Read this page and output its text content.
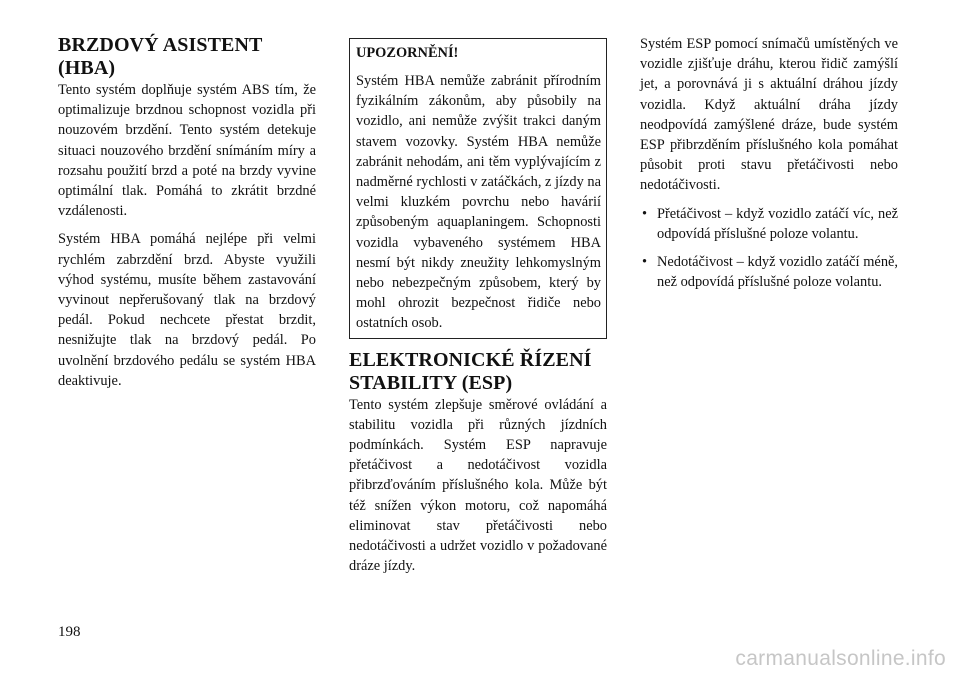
BRZDOVÝ ASISTENT (HBA)

Tento systém doplňuje systém ABS tím, že optimalizuje brzdnou schopnost vozidla při nouzovém brzdění. Tento systém detekuje situaci nouzového brzdění snímáním míry a rozsahu použití brzd a poté na brzdy vyvine optimální tlak. Pomáhá to zkrátit brzdné vzdálenosti.

Systém HBA pomáhá nejlépe při velmi rychlém zabrzdění brzd. Abyste využili výhod systému, musíte během zastavování vyvinout nepřerušovaný tlak na brzdový pedál. Pokud nechcete přestat brzdit, nesnižujte tlak na brzdový pedál. Po uvolnění brzdového pedálu se systém HBA deaktivuje.

UPOZORNĚNÍ!

Systém HBA nemůže zabránit přírodním fyzikálním zákonům, aby působily na vozidlo, ani nemůže zvýšit trakci daným stavem vozovky. Systém HBA nemůže zabránit nehodám, ani těm vyplývajícím z nadměrné rychlosti v zatáčkách, z jízdy na velmi kluzkém povrchu nebo havárií způsobeným aquaplaningem. Schopnosti vozidla vybaveného systémem HBA nesmí být nikdy zneužity lehkomyslným nebo nebezpečným způsobem, který by mohl ohrozit bezpečnost řidiče nebo ostatních osob.

ELEKTRONICKÉ ŘÍZENÍ STABILITY (ESP)

Tento systém zlepšuje směrové ovládání a stabilitu vozidla při různých jízdních podmínkách. Systém ESP napravuje přetáčivost a nedotáčivost vozidla přibrzďováním příslušného kola. Může být též snížen výkon motoru, což napomáhá eliminovat stav přetáčivosti nebo nedotáčivosti a udržet vozidlo v požadované dráze jízdy.

Systém ESP pomocí snímačů umístěných ve vozidle zjišťuje dráhu, kterou řidič zamýšlí jet, a porovnává ji s aktuální dráhou jízdy vozidla. Když aktuální dráha jízdy neodpovídá zamýšlené dráze, bude systém ESP přibrzděním příslušného kola pomáhat působit proti stavu přetáčivosti nebo nedotáčivosti.

• Přetáčivost – když vozidlo zatáčí víc, než odpovídá příslušné poloze volantu.
• Nedotáčivost – když vozidlo zatáčí méně, než odpovídá příslušné poloze volantu.
198
carmanualsonline.info
